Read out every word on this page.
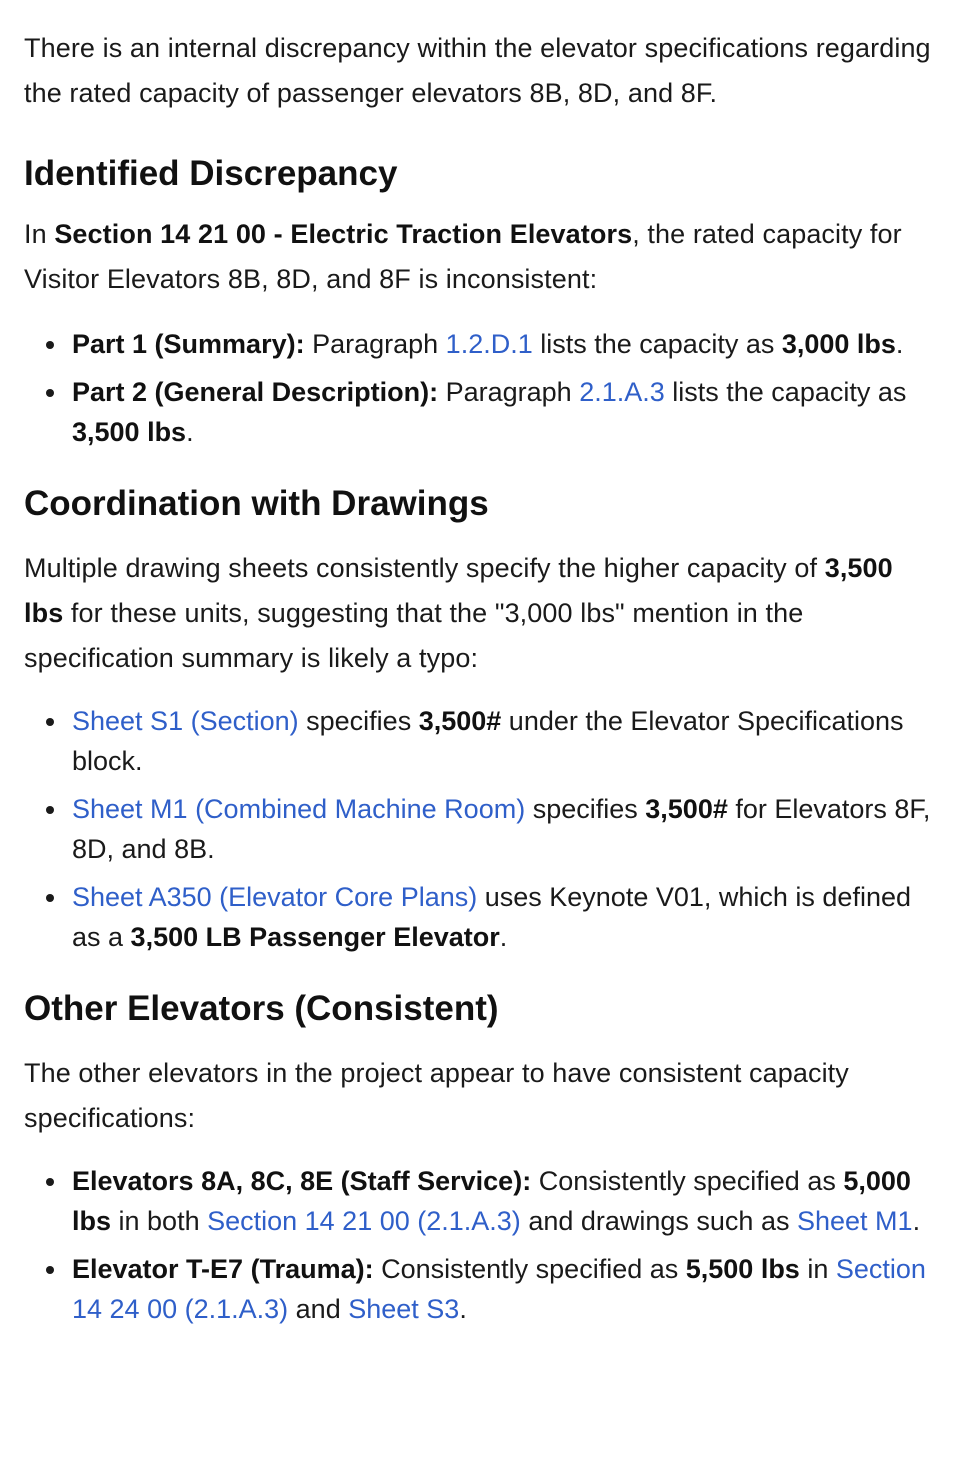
There is an internal discrepancy within the elevator specifications regarding the rated capacity of passenger elevators 8B, 8D, and 8F.

Identified Discrepancy

In Section 14 21 00 - Electric Traction Elevators, the rated capacity for Visitor Elevators 8B, 8D, and 8F is inconsistent:

Part 1 (Summary): Paragraph 1.2.D.1 lists the capacity as 3,000 lbs.
Part 2 (General Description): Paragraph 2.1.A.3 lists the capacity as 3,500 lbs.
Coordination with Drawings

Multiple drawing sheets consistently specify the higher capacity of 3,500 lbs for these units, suggesting that the "3,000 lbs" mention in the specification summary is likely a typo:

Sheet S1 (Section) specifies 3,500# under the Elevator Specifications block.
Sheet M1 (Combined Machine Room) specifies 3,500# for Elevators 8F, 8D, and 8B.
Sheet A350 (Elevator Core Plans) uses Keynote V01, which is defined as a 3,500 LB Passenger Elevator.
Other Elevators (Consistent)

The other elevators in the project appear to have consistent capacity specifications:

Elevators 8A, 8C, 8E (Staff Service): Consistently specified as 5,000 lbs in both Section 14 21 00 (2.1.A.3) and drawings such as Sheet M1.
Elevator T-E7 (Trauma): Consistently specified as 5,500 lbs in Section 14 24 00 (2.1.A.3) and Sheet S3.
